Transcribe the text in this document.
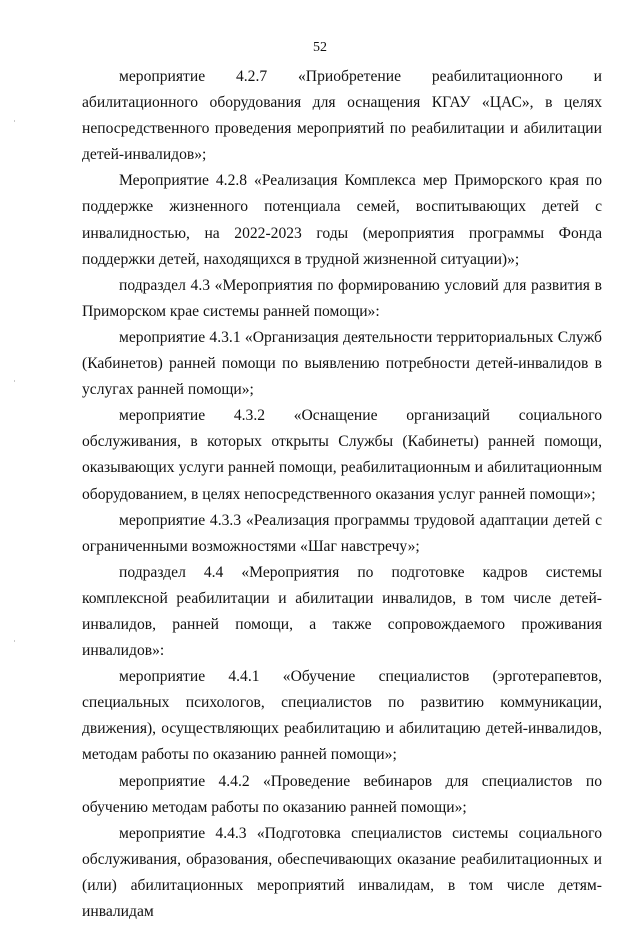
52

мероприятие 4.2.7 «Приобретение реабилитационного и абилитационного оборудования для оснащения КГАУ «ЦАС», в целях непосредственного проведения мероприятий по реабилитации и абилитации детей-инвалидов»;

Мероприятие 4.2.8 «Реализация Комплекса мер Приморского края по поддержке жизненного потенциала семей, воспитывающих детей с инвалидностью, на 2022-2023 годы (мероприятия программы Фонда поддержки детей, находящихся в трудной жизненной ситуации)»;

подраздел 4.3 «Мероприятия по формированию условий для развития в Приморском крае системы ранней помощи»:

мероприятие 4.3.1 «Организация деятельности территориальных Служб (Кабинетов) ранней помощи по выявлению потребности детей-инвалидов в услугах ранней помощи»;

мероприятие 4.3.2 «Оснащение организаций социального обслуживания, в которых открыты Службы (Кабинеты) ранней помощи, оказывающих услуги ранней помощи, реабилитационным и абилитационным оборудованием, в целях непосредственного оказания услуг ранней помощи»;

мероприятие 4.3.3 «Реализация программы трудовой адаптации детей с ограниченными возможностями «Шаг навстречу»;

подраздел 4.4 «Мероприятия по подготовке кадров системы комплексной реабилитации и абилитации инвалидов, в том числе детей-инвалидов, ранней помощи, а также сопровождаемого проживания инвалидов»:

мероприятие 4.4.1 «Обучение специалистов (эрготерапевтов, специальных психологов, специалистов по развитию коммуникации, движения), осуществляющих реабилитацию и абилитацию детей-инвалидов, методам работы по оказанию ранней помощи»;

мероприятие 4.4.2 «Проведение вебинаров для специалистов по обучению методам работы по оказанию ранней помощи»;

мероприятие 4.4.3 «Подготовка специалистов системы социального обслуживания, образования, обеспечивающих оказание реабилитационных и (или) абилитационных мероприятий инвалидам, в том числе детям-инвалидам
